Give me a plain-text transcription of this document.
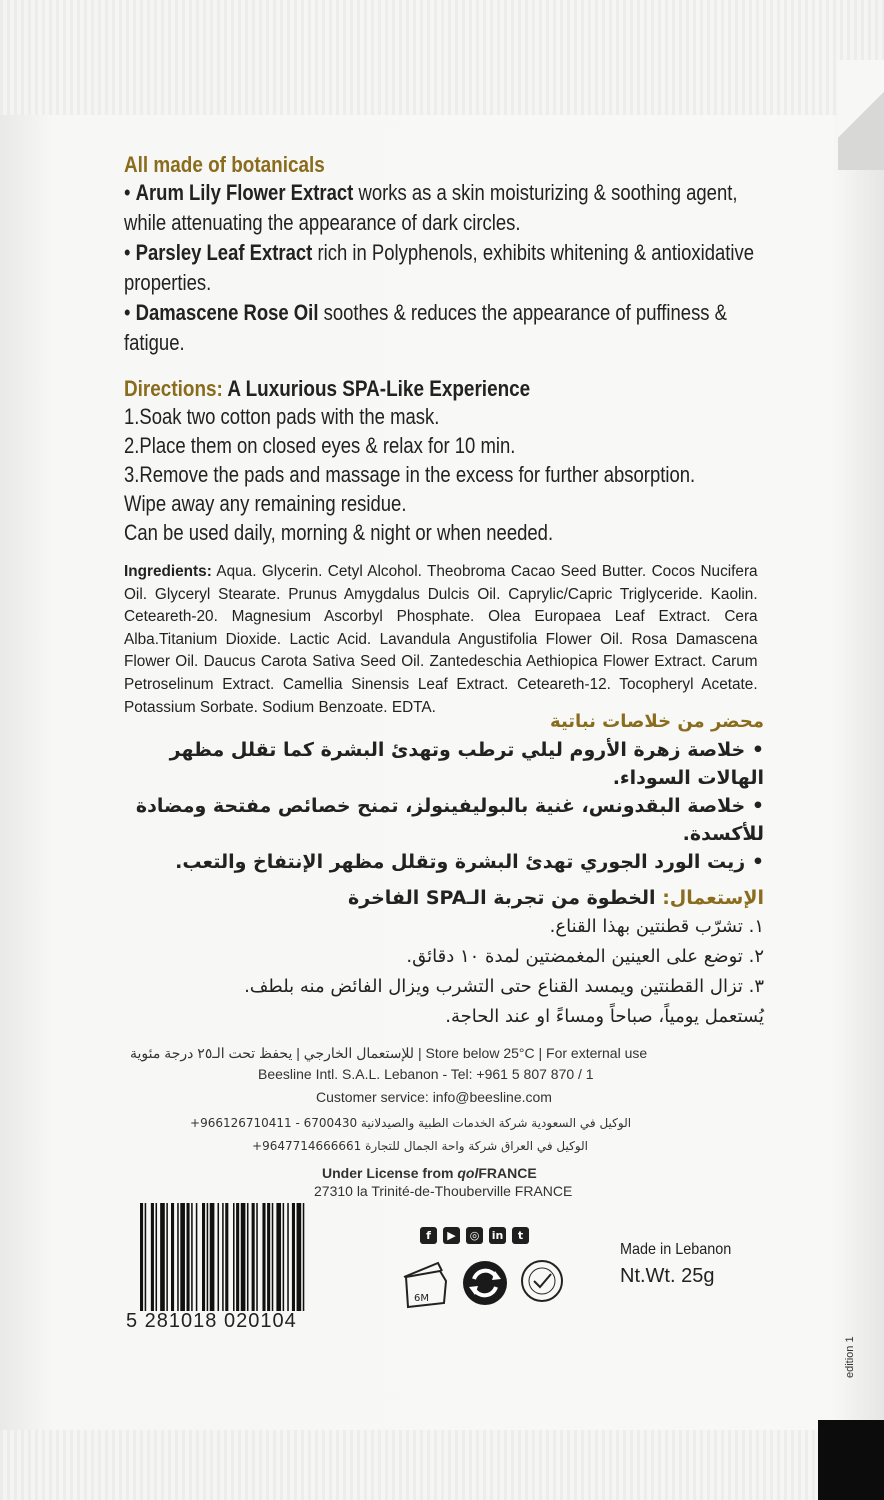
All made of botanicals
• Arum Lily Flower Extract works as a skin moisturizing & soothing agent, while attenuating the appearance of dark circles.
• Parsley Leaf Extract rich in Polyphenols, exhibits whitening & antioxidative properties.
• Damascene Rose Oil soothes & reduces the appearance of puffiness & fatigue.
Directions: A Luxurious SPA-Like Experience
1.Soak two cotton pads with the mask.
2.Place them on closed eyes & relax for 10 min.
3.Remove the pads and massage in the excess for further absorption.
Wipe away any remaining residue.
Can be used daily, morning & night or when needed.
Ingredients: Aqua. Glycerin. Cetyl Alcohol. Theobroma Cacao Seed Butter. Cocos Nucifera Oil. Glyceryl Stearate. Prunus Amygdalus Dulcis Oil. Caprylic/Capric Triglyceride. Kaolin. Ceteareth-20. Magnesium Ascorbyl Phosphate. Olea Europaea Leaf Extract. Cera Alba.Titanium Dioxide. Lactic Acid. Lavandula Angustifolia Flower Oil. Rosa Damascena Flower Oil. Daucus Carota Sativa Seed Oil. Zantedeschia Aethiopica Flower Extract. Carum Petroselinum Extract. Camellia Sinensis Leaf Extract. Ceteareth-12. Tocopheryl Acetate. Potassium Sorbate. Sodium Benzoate. EDTA.
محضر من خلاصات نباتية
• خلاصة زهرة الأروم ليلي ترطب وتهدئ البشرة كما تقلل مظهر الهالات السوداء.
• خلاصة البقدونس، غنية بالبوليفينولز، تمنح خصائص مفتحة ومضادة للأكسدة.
• زيت الورد الجوري تهدئ البشرة وتقلل مظهر الإنتفاخ والتعب.
الإستعمال: الخطوة من تجربة الـSPA الفاخرة
١. تشرّب قطنتين بهذا القناع.
٢. توضع على العينين المغمضتين لمدة ١٠ دقائق.
٣. تزال القطنتين ويمسد القناع حتى التشرب ويزال الفائض منه بلطف.
يُستعمل يومياً، صباحاً ومساءً او عند الحاجة.
للإستعمال الخارجي | يحفظ تحت الـ٢٥ درجة مئوية | Store below 25°C | For external use
Beesline Intl. S.A.L. Lebanon - Tel: +961 5 807 870 / 1
Customer service: info@beesline.com
الوكيل في السعودية شركة الخدمات الطبية والصيدلانية 6700430 - 966126710411+
الوكيل في العراق شركة واحة الجمال للتجارة 9647714666661+
Under License from qolFRANCE
27310 la Trinité-de-Thouberville FRANCE
5 281018 020104
f	▶	◎	in	t
6M
Made in Lebanon
Nt.Wt. 25g
edition 1
